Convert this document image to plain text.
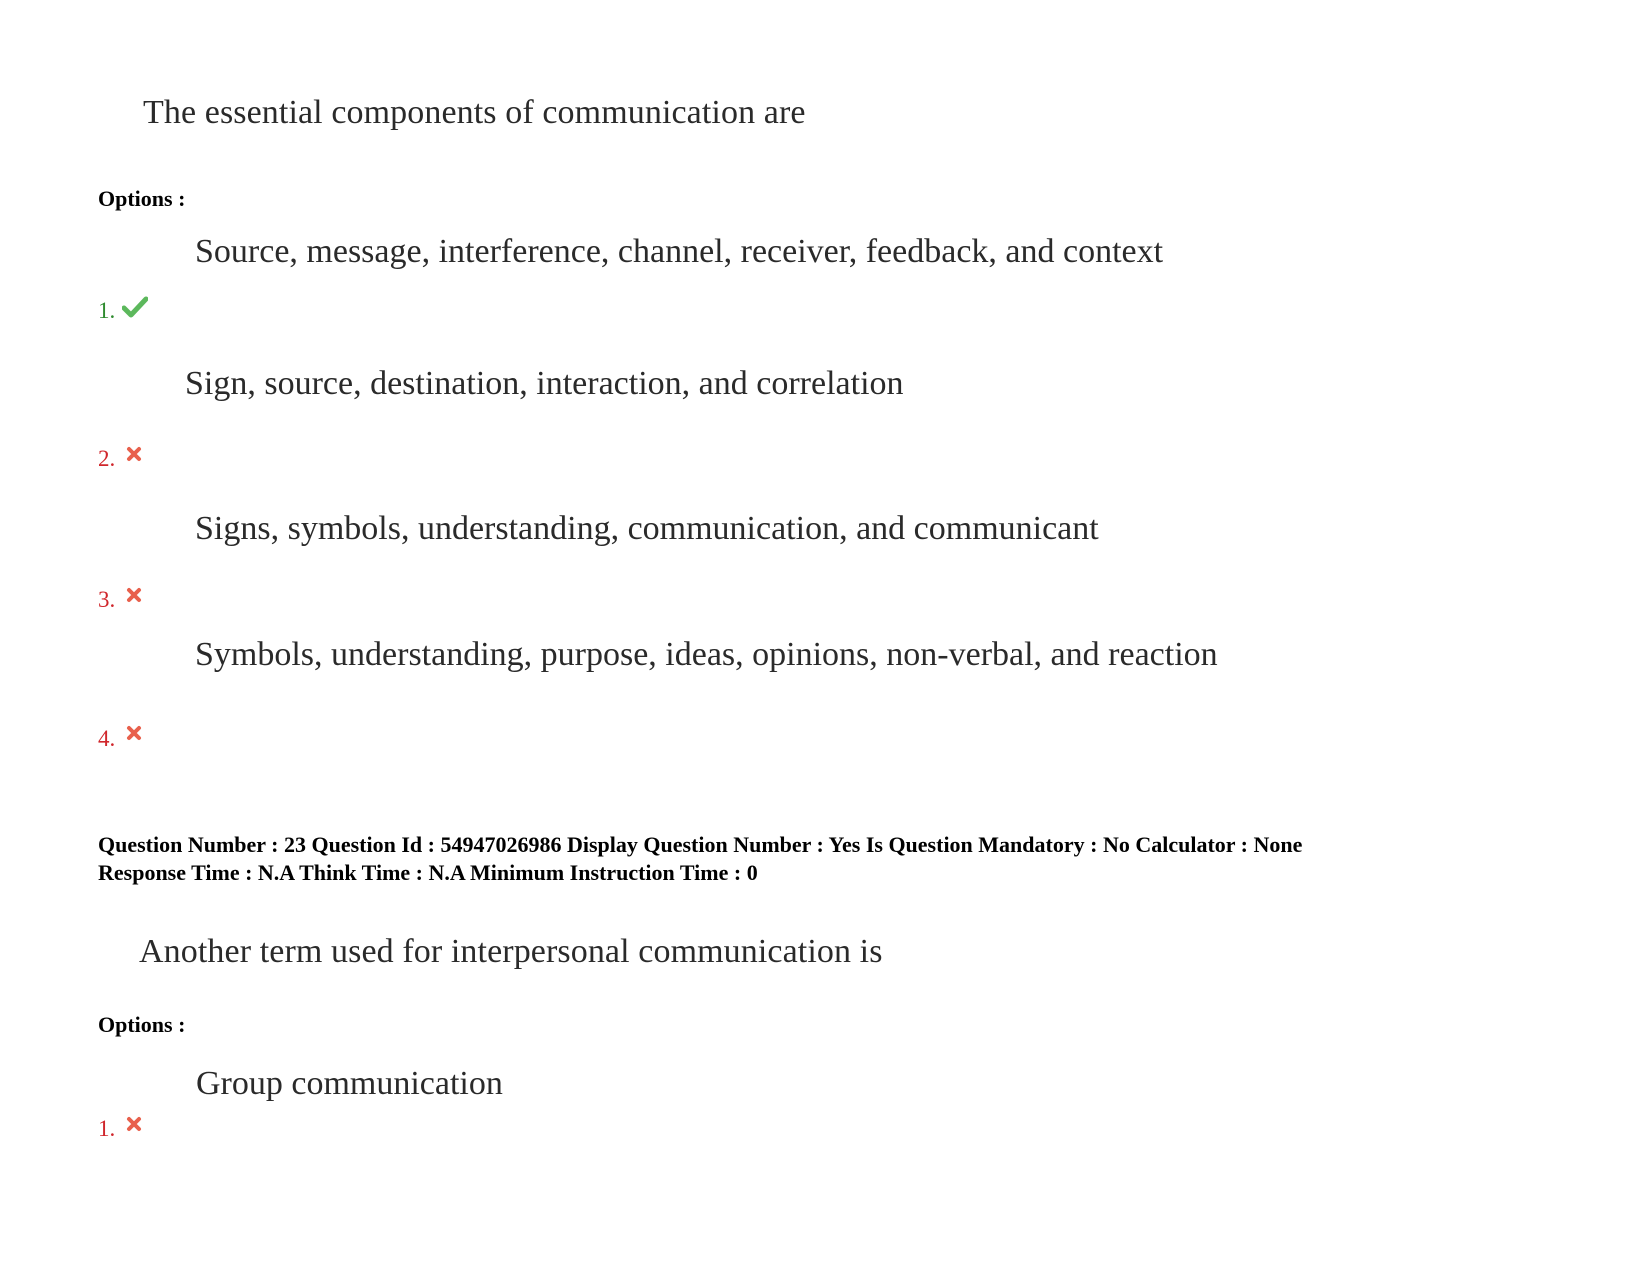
The essential components of communication are
Options :
Source, message, interference, channel, receiver, feedback, and context
1.
Sign, source, destination, interaction, and correlation
2.
Signs, symbols, understanding, communication, and communicant
3.
Symbols, understanding, purpose, ideas, opinions, non-verbal, and reaction
4.
Question Number : 23 Question Id : 54947026986 Display Question Number : Yes Is Question Mandatory : No Calculator : None
Response Time : N.A Think Time : N.A Minimum Instruction Time : 0
Another term used for interpersonal communication is
Options :
Group communication
1.
